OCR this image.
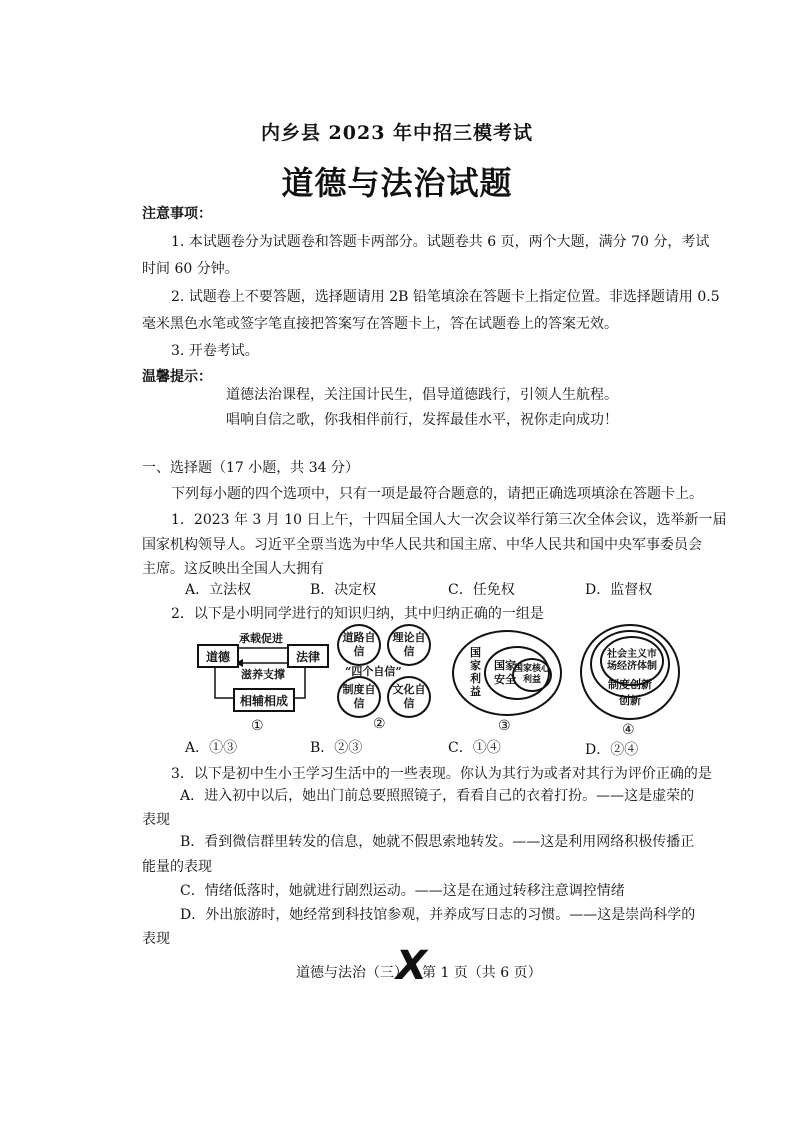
内乡县 2023 年中招三模考试
道德与法治试题
注意事项：
1. 本试题卷分为试题卷和答题卡两部分。试题卷共 6 页，两个大题，满分 70 分，考试
时间 60 分钟。
2. 试题卷上不要答题，选择题请用 2B 铅笔填涂在答题卡上指定位置。非选择题请用 0.5
毫米黑色水笔或签字笔直接把答案写在答题卡上，答在试题卷上的答案无效。
3. 开卷考试。
温馨提示：
道德法治课程，关注国计民生，倡导道德践行，引领人生航程。
唱响自信之歌，你我相伴前行，发挥最佳水平，祝你走向成功！
一、选择题（17 小题，共 34 分）
下列每小题的四个选项中，只有一项是最符合题意的，请把正确选项填涂在答题卡上。
1．2023 年 3 月 10 日上午，十四届全国人大一次会议举行第三次全体会议，选举新一届
国家机构领导人。习近平全票当选为中华人民共和国主席、中华人民共和国中央军事委员会
主席。这反映出全国人大拥有
A．立法权	B．决定权	C．任免权	D．监督权
2．以下是小明同学进行的知识归纳，其中归纳正确的一组是
道德	法律
相辅相成
承载促进
滋养支撑
①
道路自信
理论自信
“四个自信”
制度自信
文化自信
②
国家利益
国家安全
国家核心利益
③
创新
制度创新
社会主义市场经济体制
④
A．①③	B．②③	C．①④	D．②④
3．以下是初中生小王学习生活中的一些表现。你认为其行为或者对其行为评价正确的是
A．进入初中以后，她出门前总要照照镜子，看看自己的衣着打扮。——这是虚荣的
表现
B．看到微信群里转发的信息，她就不假思索地转发。——这是利用网络积极传播正
能量的表现
C．情绪低落时，她就进行剧烈运动。——这是在通过转移注意调控情绪
D．外出旅游时，她经常到科技馆参观，并养成写日志的习惯。——这是崇尚科学的
表现
道德与法治（三）
X
第 1 页（共 6 页）
